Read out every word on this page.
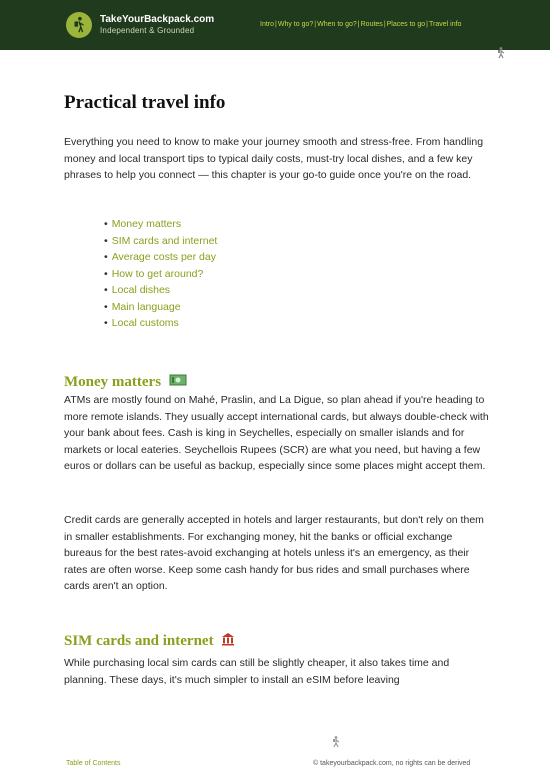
TakeYourBackpack.com
Independent & Grounded
Intro|Why to go?|When to go?|Routes|Places to go|Travel info
Practical travel info

Everything you need to know to make your journey smooth and stress-free. From handling money and local transport tips to typical daily costs, must-try local dishes, and a few key phrases to help you connect — this chapter is your go-to guide once you're on the road.

• Money matters
• SIM cards and internet
• Average costs per day
• How to get around?
• Local dishes
• Main language
• Local customs
Money matters

ATMs are mostly found on Mahé, Praslin, and La Digue, so plan ahead if you're heading to more remote islands. They usually accept international cards, but always double-check with your bank about fees. Cash is king in Seychelles, especially on smaller islands and for markets or local eateries. Seychellois Rupees (SCR) are what you need, but having a few euros or dollars can be useful as backup, especially since some places might accept them.

Credit cards are generally accepted in hotels and larger restaurants, but don't rely on them in smaller establishments. For exchanging money, hit the banks or official exchange bureaus for the best rates-avoid exchanging at hotels unless it's an emergency, as their rates are often worse. Keep some cash handy for bus rides and small purchases where cards aren't an option.

SIM cards and internet

While purchasing local sim cards can still be slightly cheaper, it also takes time and planning. These days, it's much simpler to install an eSIM before leaving

Table of Contents	© takeyourbackpack.com, no rights can be derived
